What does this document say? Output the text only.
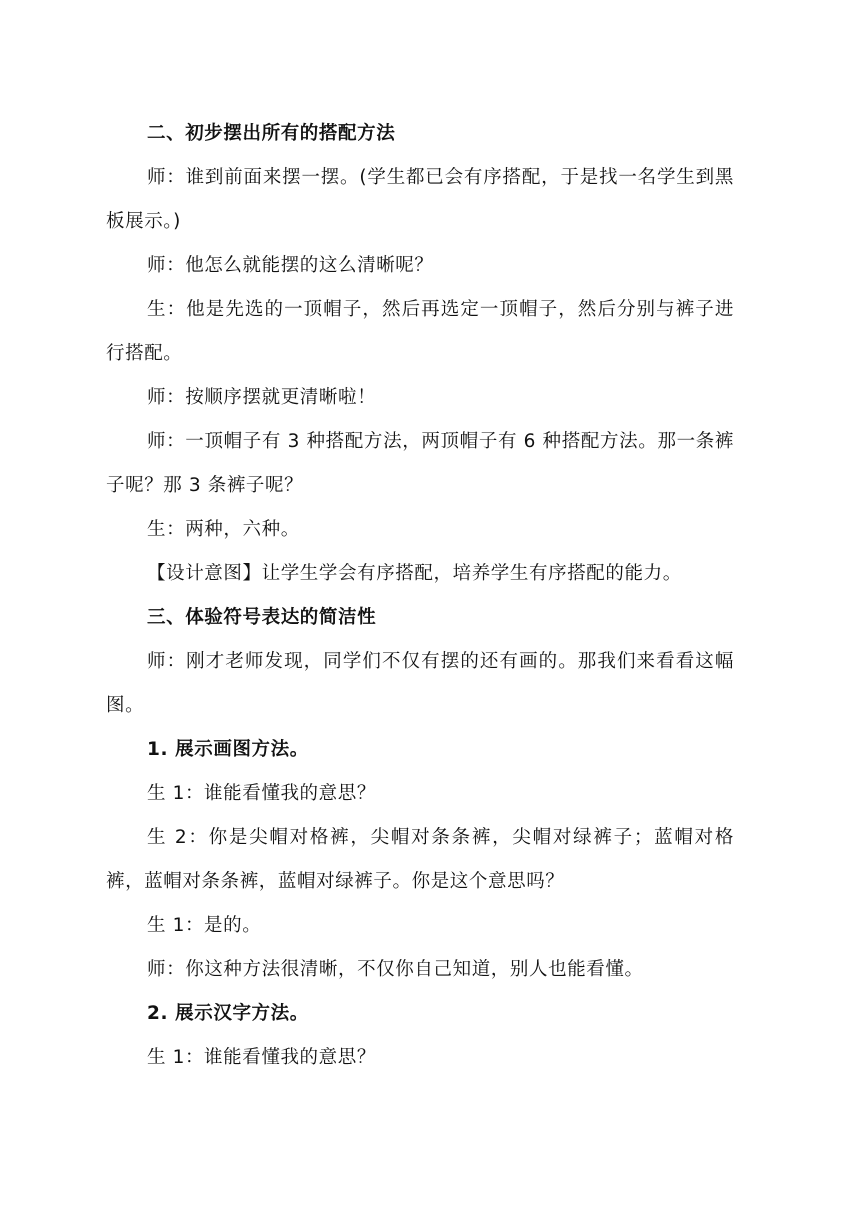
二、初步摆出所有的搭配方法

师：谁到前面来摆一摆。(学生都已会有序搭配，于是找一名学生到黑板展示。)

师：他怎么就能摆的这么清晰呢？

生：他是先选的一顶帽子，然后再选定一顶帽子，然后分别与裤子进行搭配。

师：按顺序摆就更清晰啦！

师：一顶帽子有 3 种搭配方法，两顶帽子有 6 种搭配方法。那一条裤子呢？那 3 条裤子呢？

生：两种，六种。

【设计意图】让学生学会有序搭配，培养学生有序搭配的能力。

三、体验符号表达的简洁性

师：刚才老师发现，同学们不仅有摆的还有画的。那我们来看看这幅图。

1. 展示画图方法。

生 1：谁能看懂我的意思？

生 2：你是尖帽对格裤，尖帽对条条裤，尖帽对绿裤子；蓝帽对格裤，蓝帽对条条裤，蓝帽对绿裤子。你是这个意思吗？

生 1：是的。

师：你这种方法很清晰，不仅你自己知道，别人也能看懂。

2. 展示汉字方法。

生 1：谁能看懂我的意思？
